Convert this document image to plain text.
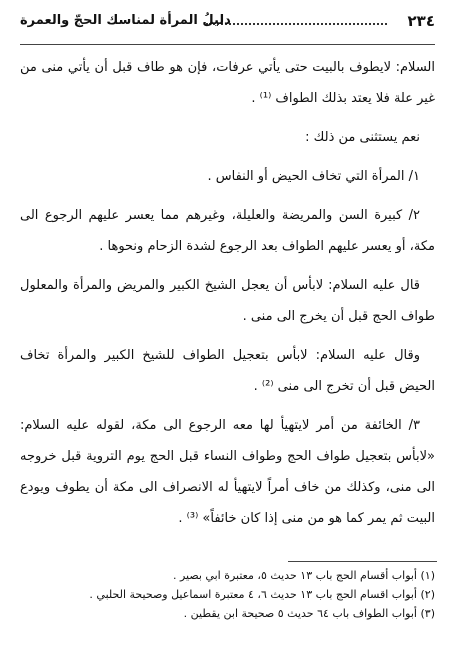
٢٣٤
دليلُ المرأة لمناسك الحجّ والعمرة

السلام: لايطوف بالبيت حتى يأتي عرفات، فإن هو طاف قبل أن يأتي منى من غير علة فلا يعتد بذلك الطواف ⁽¹⁾ .

نعم يستثنى من ذلك :

١/ المرأة التي تخاف الحيض أو النفاس .

٢/ كبيرة السن والمريضة والعليلة، وغيرهم مما يعسر عليهم الرجوع الى مكة، أو يعسر عليهم الطواف بعد الرجوع لشدة الزحام ونحوها .

قال عليه السلام: لابأس أن يعجل الشيخ الكبير والمريض والمرأة والمعلول طواف الحج قبل أن يخرج الى منى .

وقال عليه السلام: لابأس بتعجيل الطواف للشيخ الكبير والمرأة تخاف الحيض قبل أن تخرج الى منى ⁽²⁾ .

٣/ الخائفة من أمر لايتهيأ لها معه الرجوع الى مكة، لقوله عليه السلام: «لابأس بتعجيل طواف الحج وطواف النساء قبل الحج يوم التروية قبل خروجه الى منى، وكذلك من خاف أمراً لايتهيأ له الانصراف الى مكة أن يطوف ويودع البيت ثم يمر كما هو من منى إذا كان خائفاً» ⁽³⁾ .

(١) أبواب أقسام الحج باب ١٣ حديث ٥، معتبرة ابي بصير .

(٢) أبواب اقسام الحج باب ١٣ حديث ٦، ٤ معتبرة اسماعيل وصحيحة الحلبي .

(٣) أبواب الطواف باب ٦٤ حديث ٥ صحيحة ابن يقطين .
